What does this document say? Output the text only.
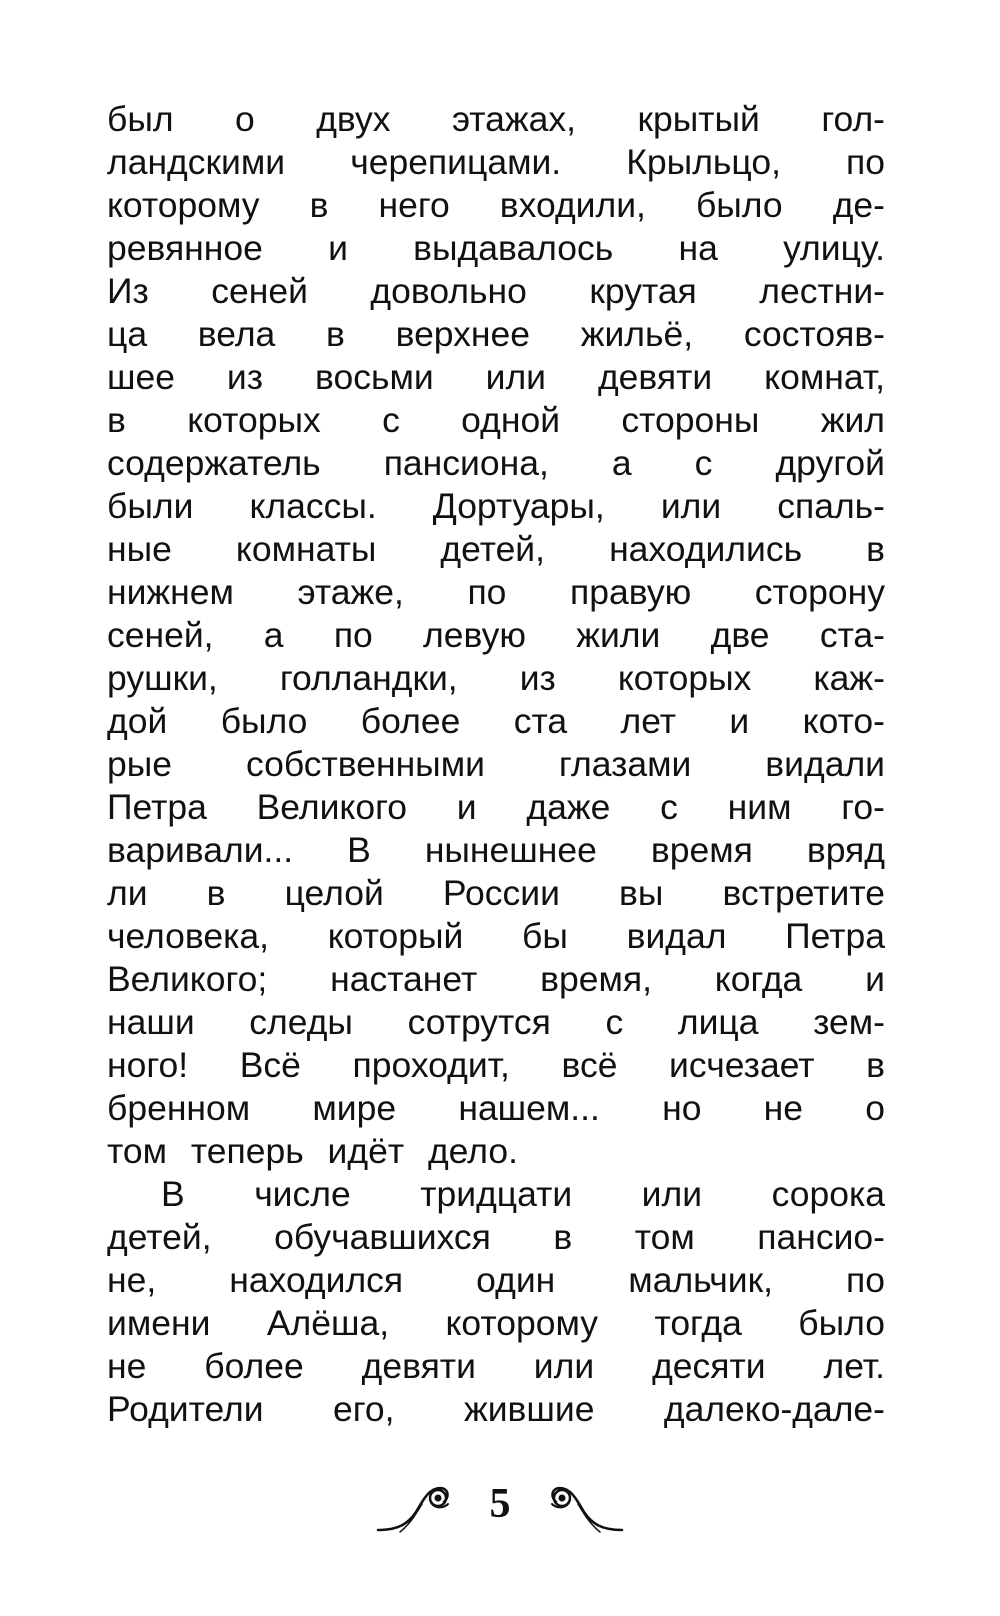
был о двух этажах, крытый гол-
ландскими черепицами. Крыльцо, по
которому в него входили, было де-
ревянное и выдавалось на улицу.
Из сеней довольно крутая лестни-
ца вела в верхнее жильё, состояв-
шее из восьми или девяти комнат,
в которых с одной стороны жил
содержатель пансиона, а с другой
были классы. Дортуары, или спаль-
ные комнаты детей, находились в
нижнем этаже, по правую сторону
сеней, а по левую жили две ста-
рушки, голландки, из которых каж-
дой было более ста лет и кото-
рые собственными глазами видали
Петра Великого и даже с ним го-
варивали... В нынешнее время вряд
ли в целой России вы встретите
человека, который бы видал Петра
Великого; настанет время, когда и
наши следы сотрутся с лица зем-
ного! Всё проходит, всё исчезает в
бренном мире нашем... но не о
том теперь идёт дело.
В числе тридцати или сорока
детей, обучавшихся в том пансио-
не, находился один мальчик, по
имени Алёша, которому тогда было
не более девяти или десяти лет.
Родители его, жившие далеко-дале-
5
